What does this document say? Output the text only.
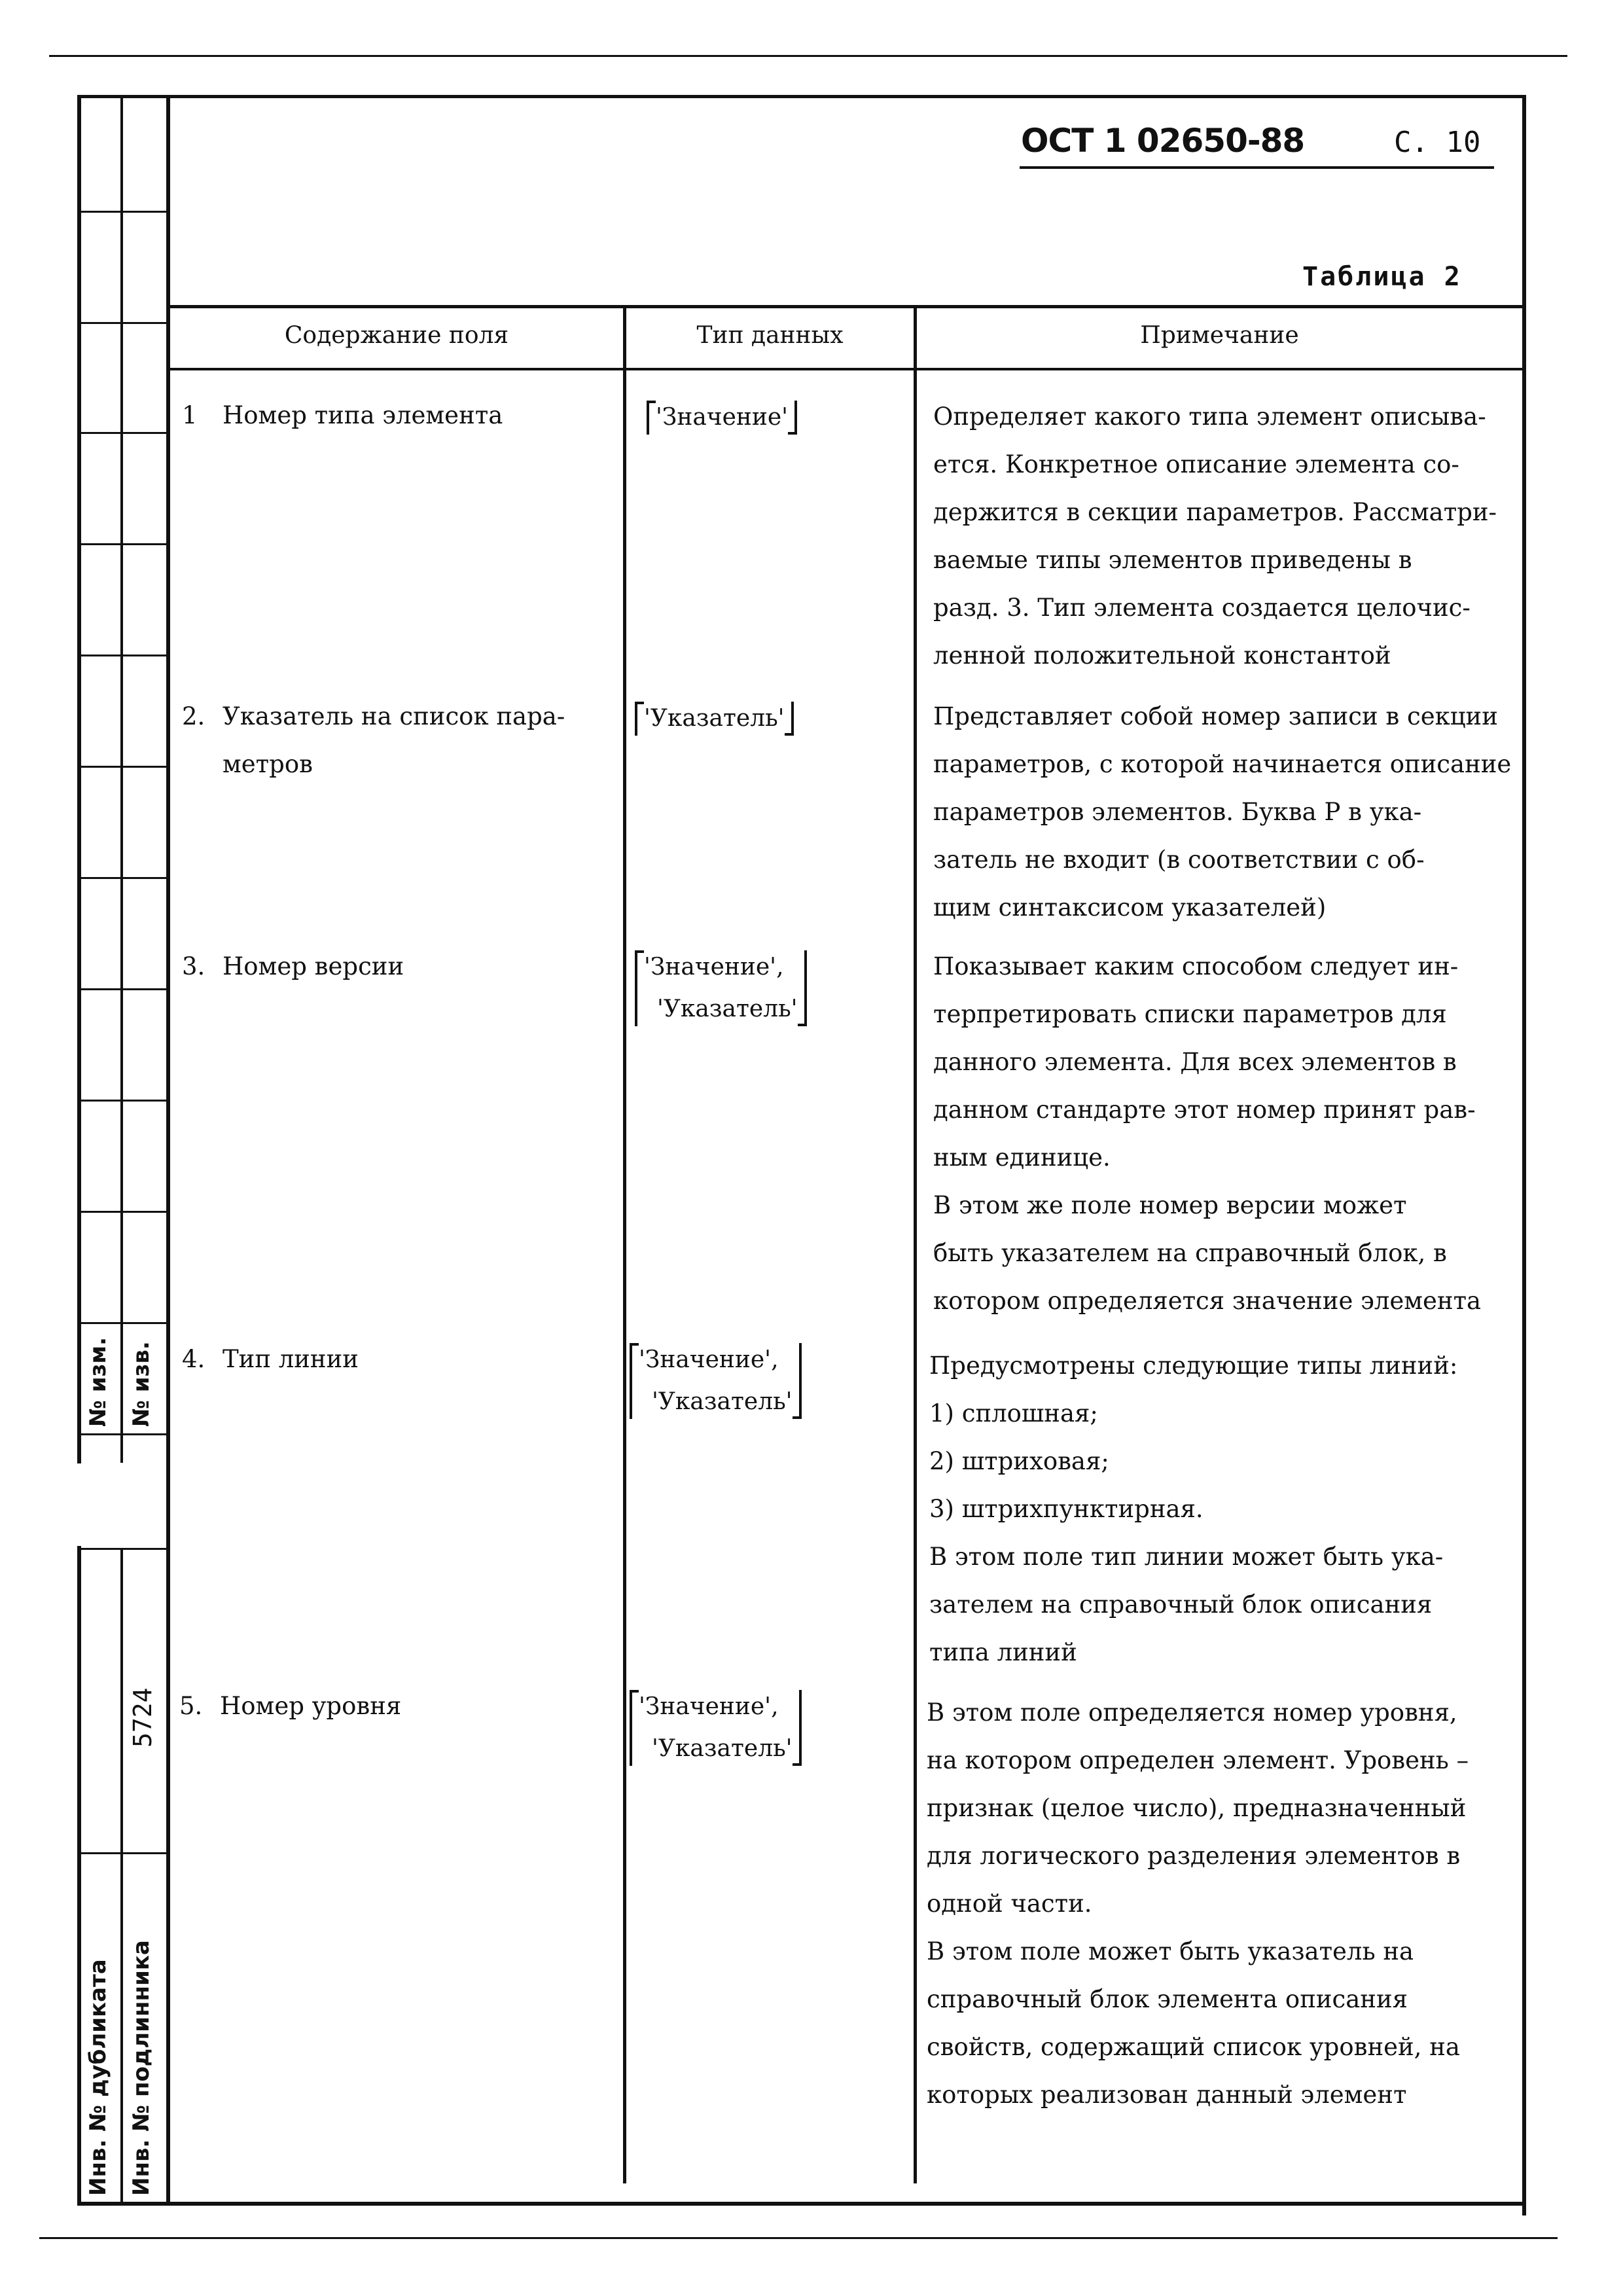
№ изм. № изв.
Инв. № дубликата Инв. № подлинника
5724
ОСТ 1 02650-88	С. 10
Таблица 2
Содержание поля	Тип данных	Примечание
1 Номер типа элемента	'Значение'	Определяет какого типа элемент описыва-
ется. Конкретное описание элемента со-
держится в секции параметров. Рассматри-
ваемые типы элементов приведены в
разд. 3. Тип элемента создается целочис-
ленной положительной константой
2. Указатель на список пара-
метров
'Указатель'	Представляет собой номер записи в секции
параметров, с которой начинается описание
параметров элементов. Буква P в ука-
затель не входит (в соответствии с об-
щим синтаксисом указателей)
3. Номер версии	'Значение',
'Указатель'
Показывает каким способом следует ин-
терпретировать списки параметров для
данного элемента. Для всех элементов в
данном стандарте этот номер принят рав-
ным единице.
В этом же поле номер версии может
быть указателем на справочный блок, в
котором определяется значение элемента
4. Тип линии	'Значение',
'Указатель'
Предусмотрены следующие типы линий:
1) сплошная;
2) штриховая;
3) штрихпунктирная.
В этом поле тип линии может быть ука-
зателем на справочный блок описания
типа линий
5. Номер уровня	'Значение',
'Указатель'
В этом поле определяется номер уровня,
на котором определен элемент. Уровень –
признак (целое число), предназначенный
для логического разделения элементов в
одной части.
В этом поле может быть указатель на
справочный блок элемента описания
свойств, содержащий список уровней, на
которых реализован данный элемент
